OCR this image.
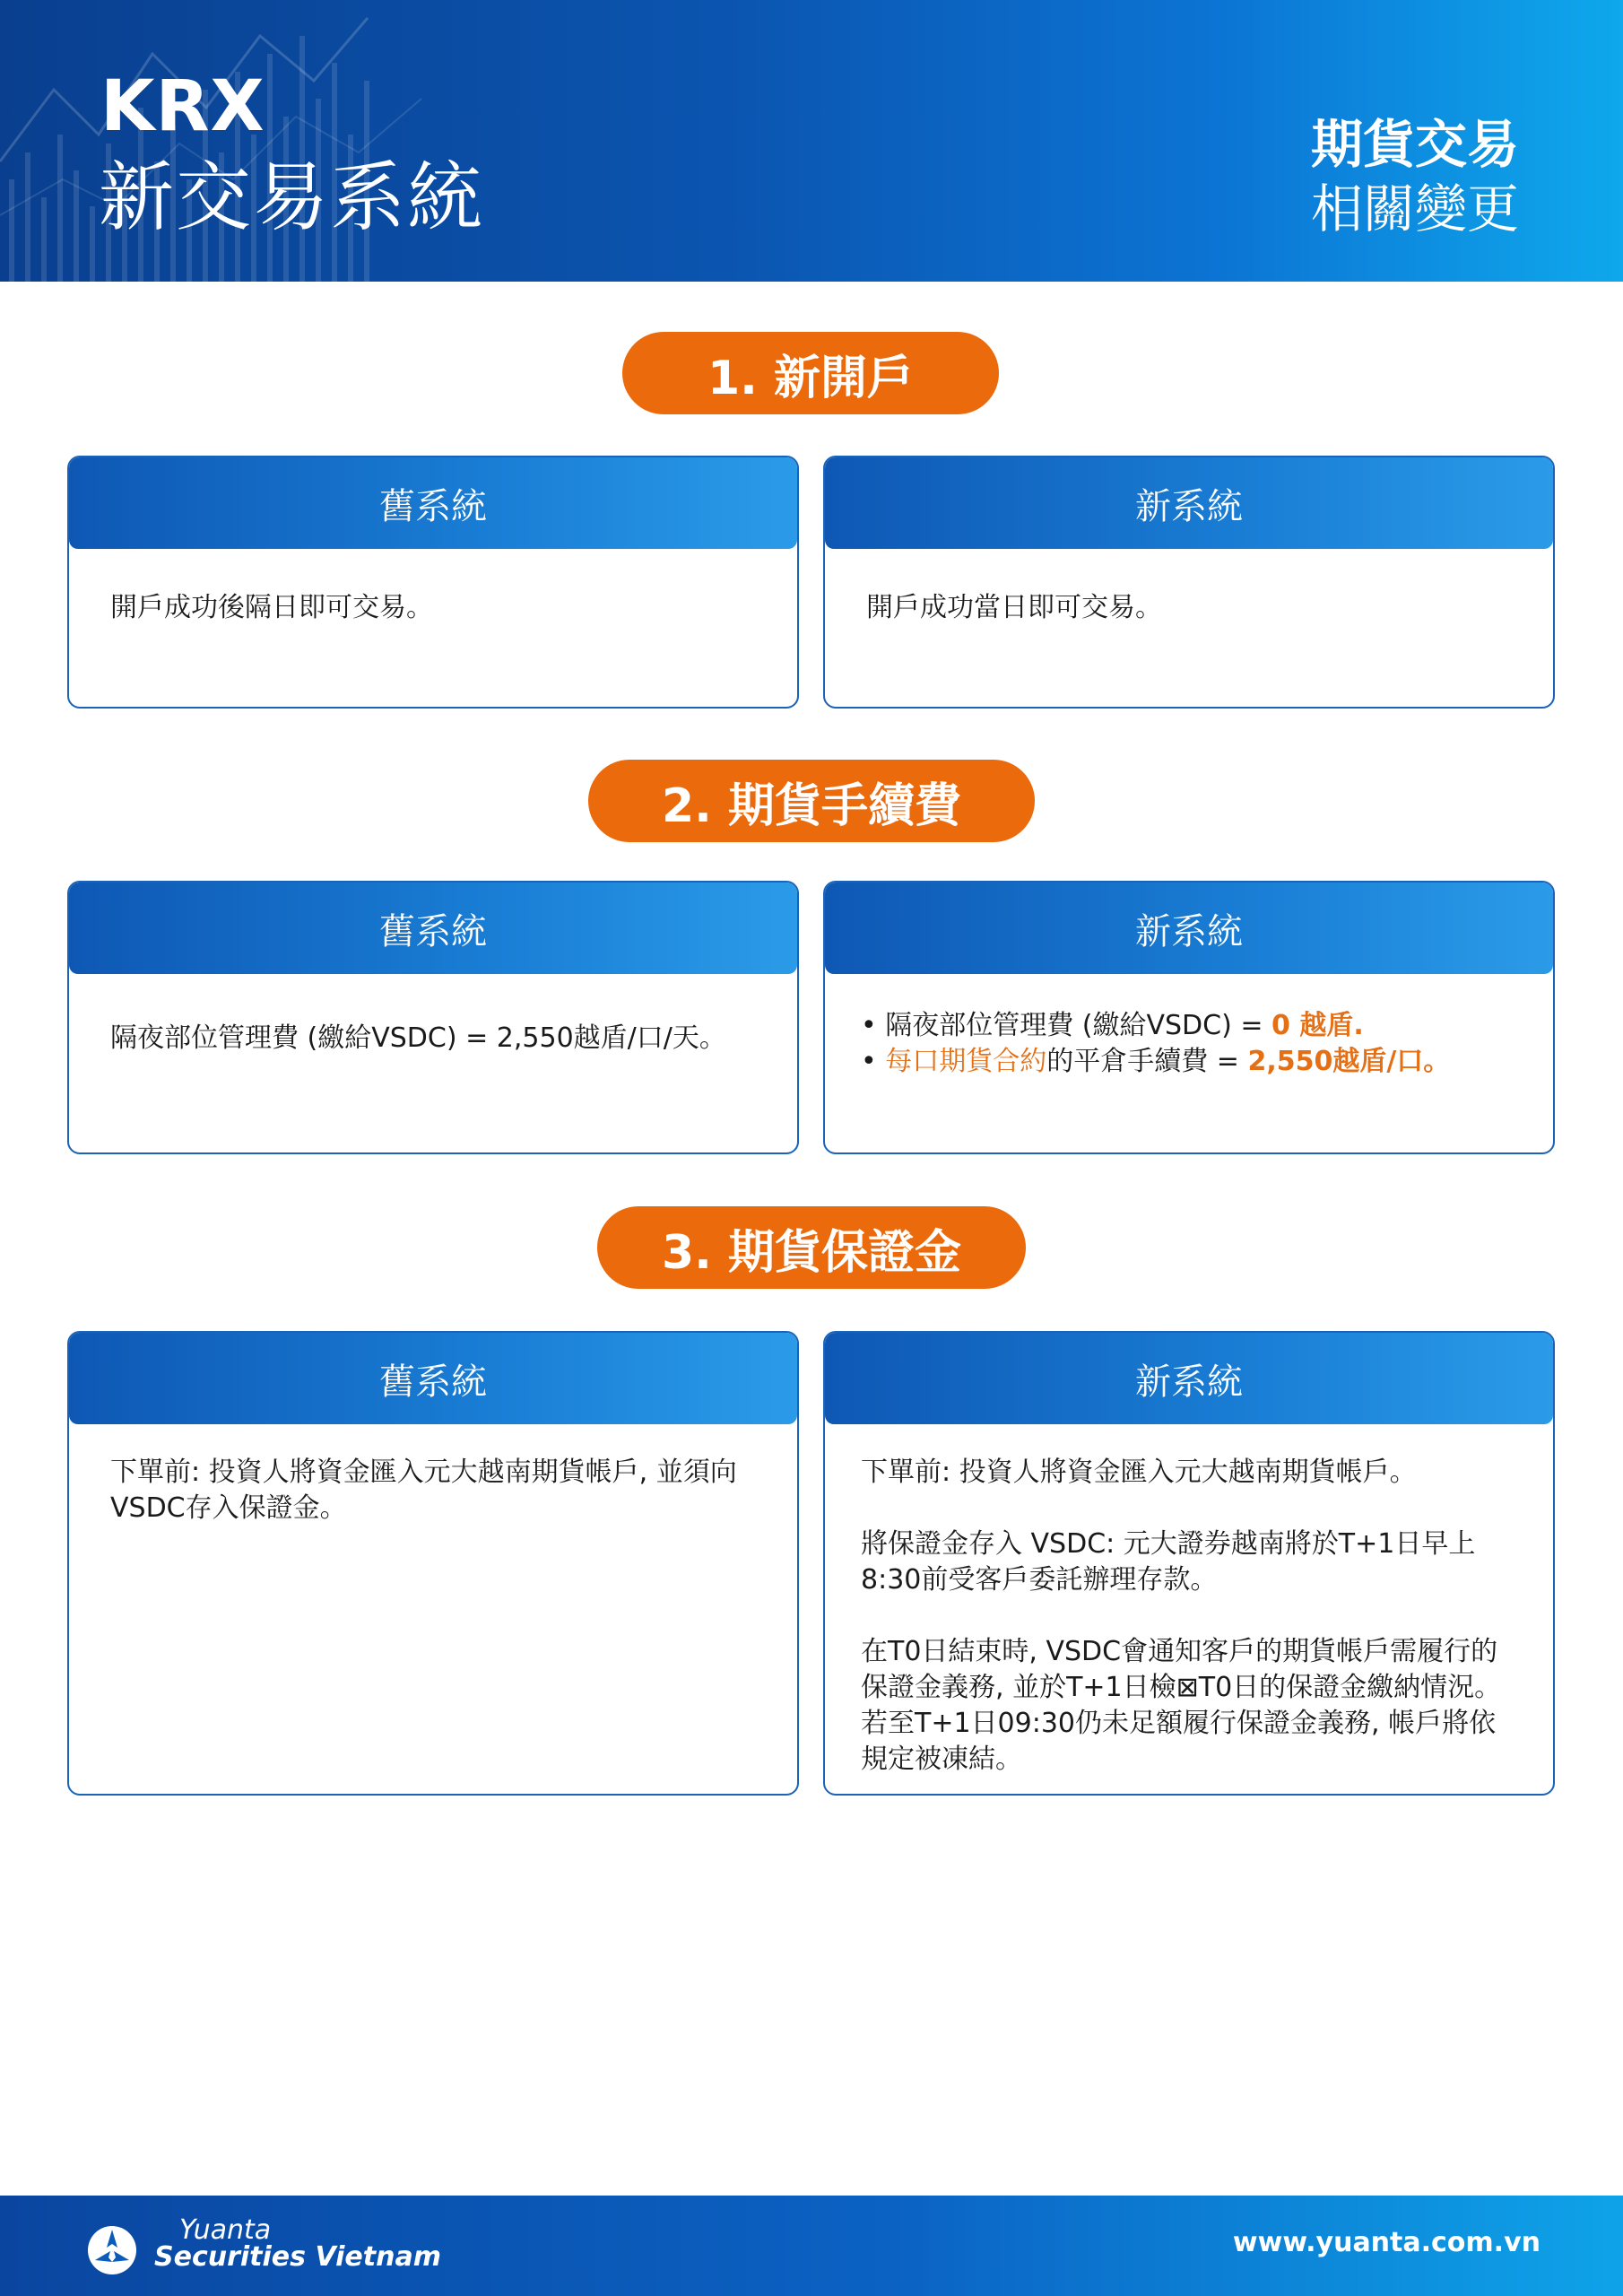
KRX
新交易系統
期貨交易
相關變更
1. 新開戶
舊系統

開戶成功後隔日即可交易。

新系統

開戶成功當日即可交易。

2. 期貨手續費
舊系統

隔夜部位管理費 (繳給VSDC) = 2,550越盾/口/天。

新系統
• 隔夜部位管理費 (繳給VSDC) = 0 越盾.
• 每口期貨合約的平倉手續費 = 2,550越盾/口。
3. 期貨保證金
舊系統
下單前: 投資人將資金匯入元大越南期貨帳戶, 並須向
VSDC存入保證金。
新系統
下單前: 投資人將資金匯入元大越南期貨帳戶。
將保證金存入 VSDC: 元大證券越南將於T+1日早上
8:30前受客戶委託辦理存款。
在T0日結束時, VSDC會通知客戶的期貨帳戶需履行的
保證金義務, 並於T+1日檢⊠T0日的保證金繳納情況。
若至T+1日09:30仍未足額履行保證金義務, 帳戶將依
規定被凍結。
Yuanta
Securities Vietnam	www.yuanta.com.vn
